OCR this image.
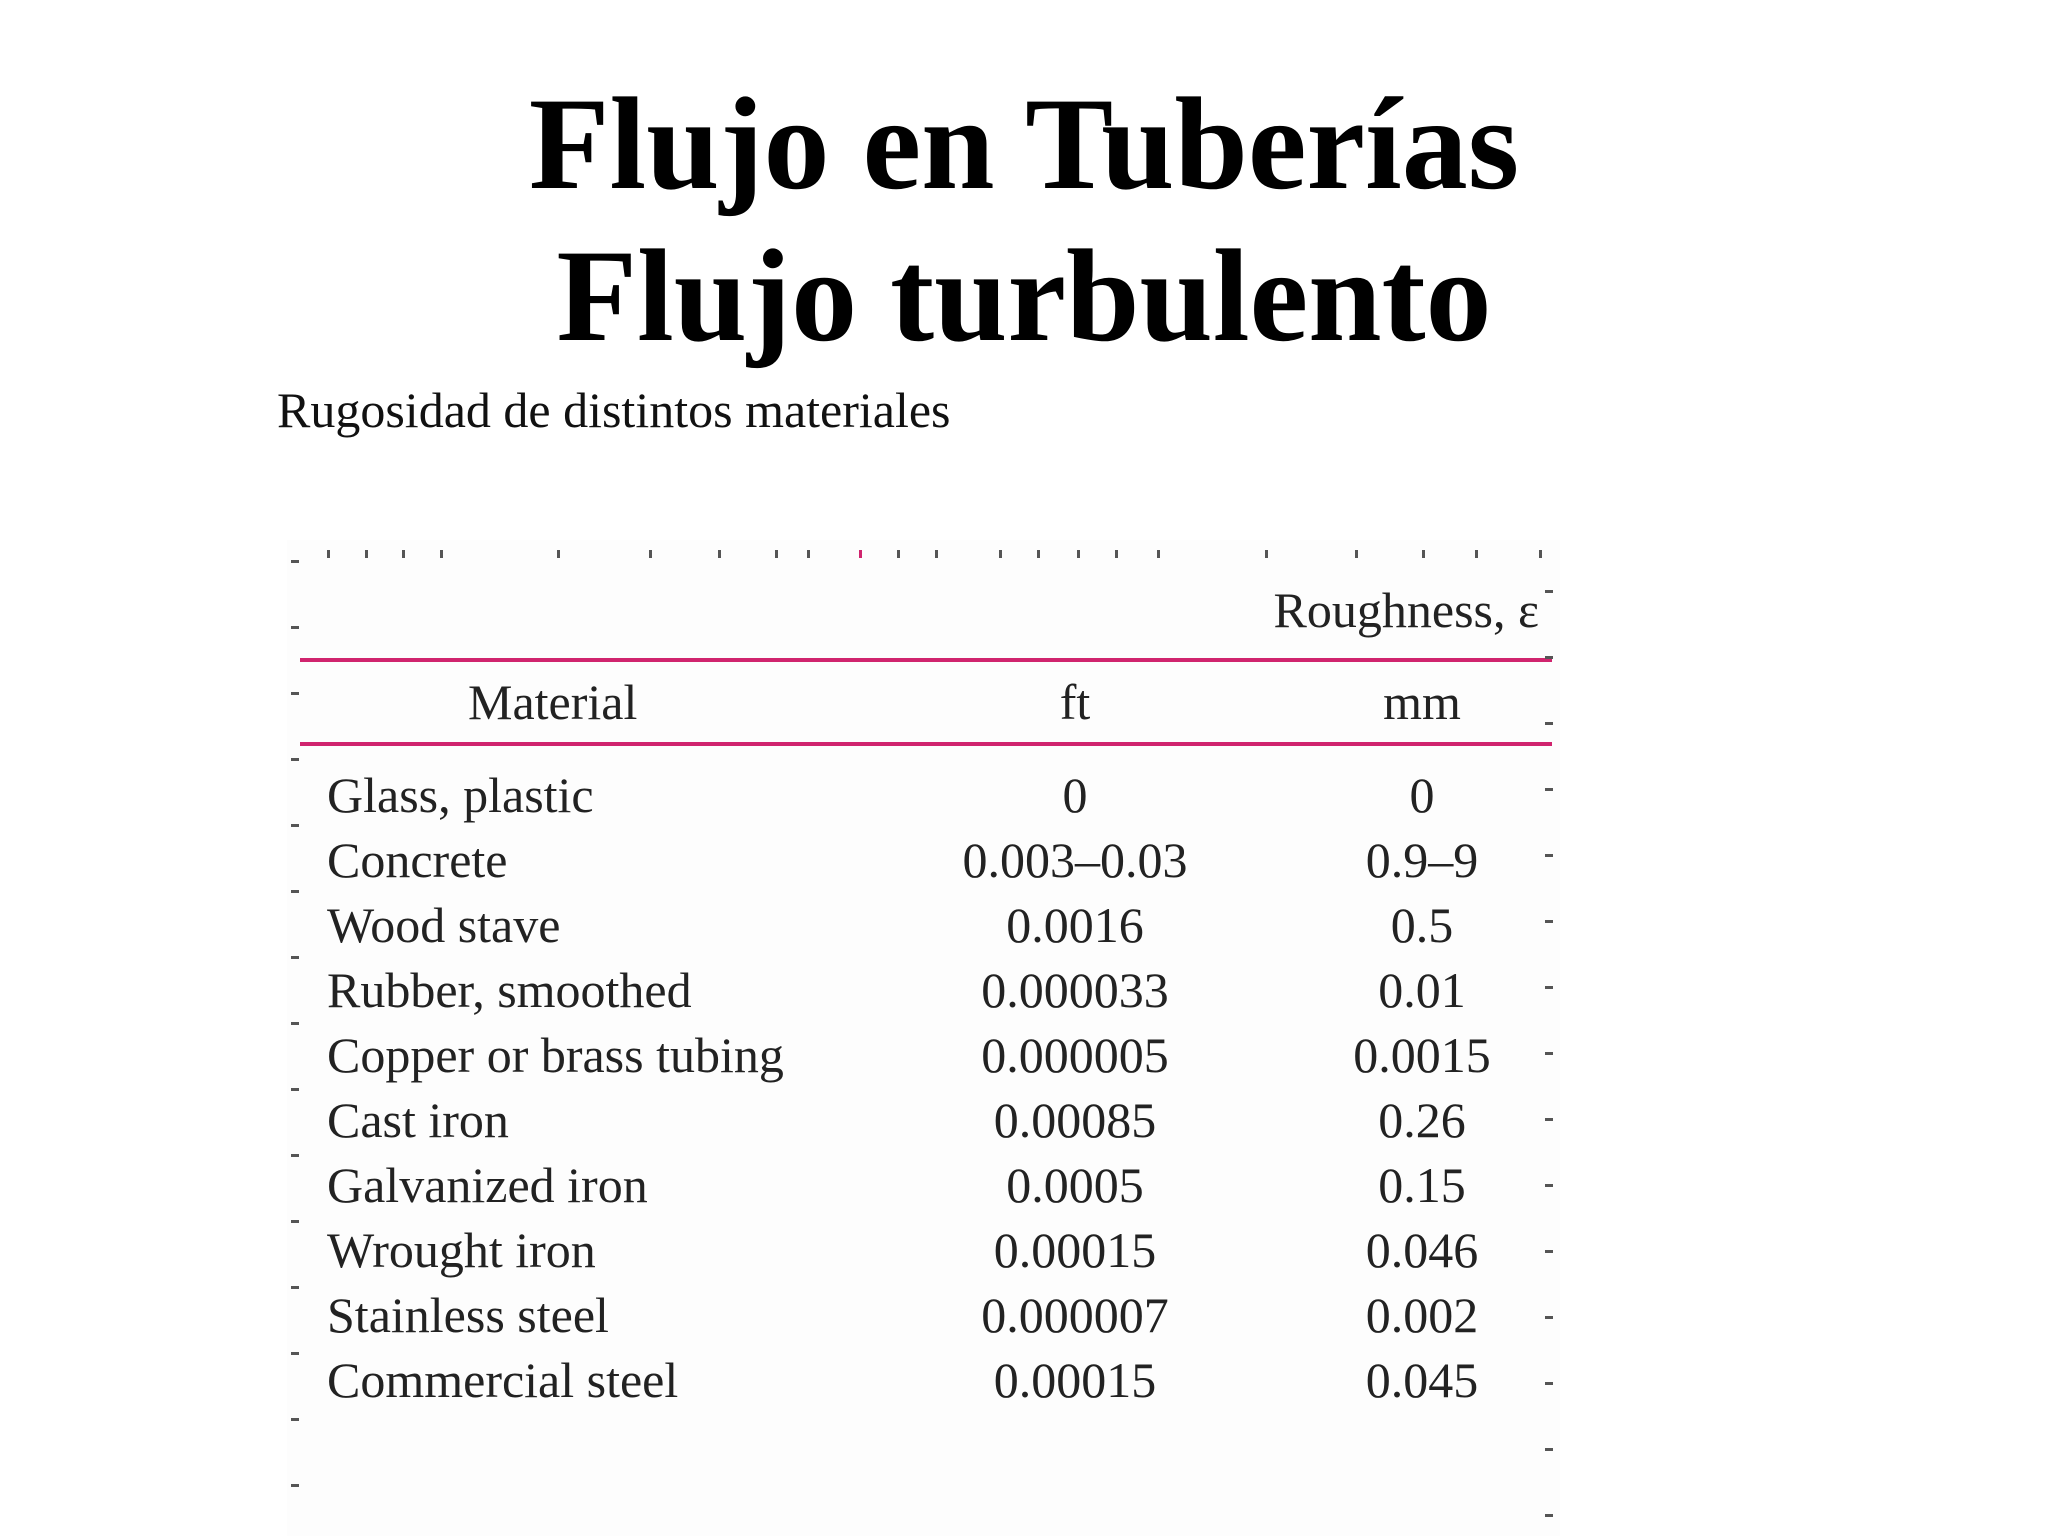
Flujo en Tuberías
Flujo turbulento
Rugosidad de distintos materiales
Roughness, ε
Material	ft	mm
Glass, plastic	0	0
Concrete	0.003–0.03	0.9–9
Wood stave	0.0016	0.5
Rubber, smoothed	0.000033	0.01
Copper or brass tubing	0.000005	0.0015
Cast iron	0.00085	0.26
Galvanized iron	0.0005	0.15
Wrought iron	0.00015	0.046
Stainless steel	0.000007	0.002
Commercial steel	0.00015	0.045
